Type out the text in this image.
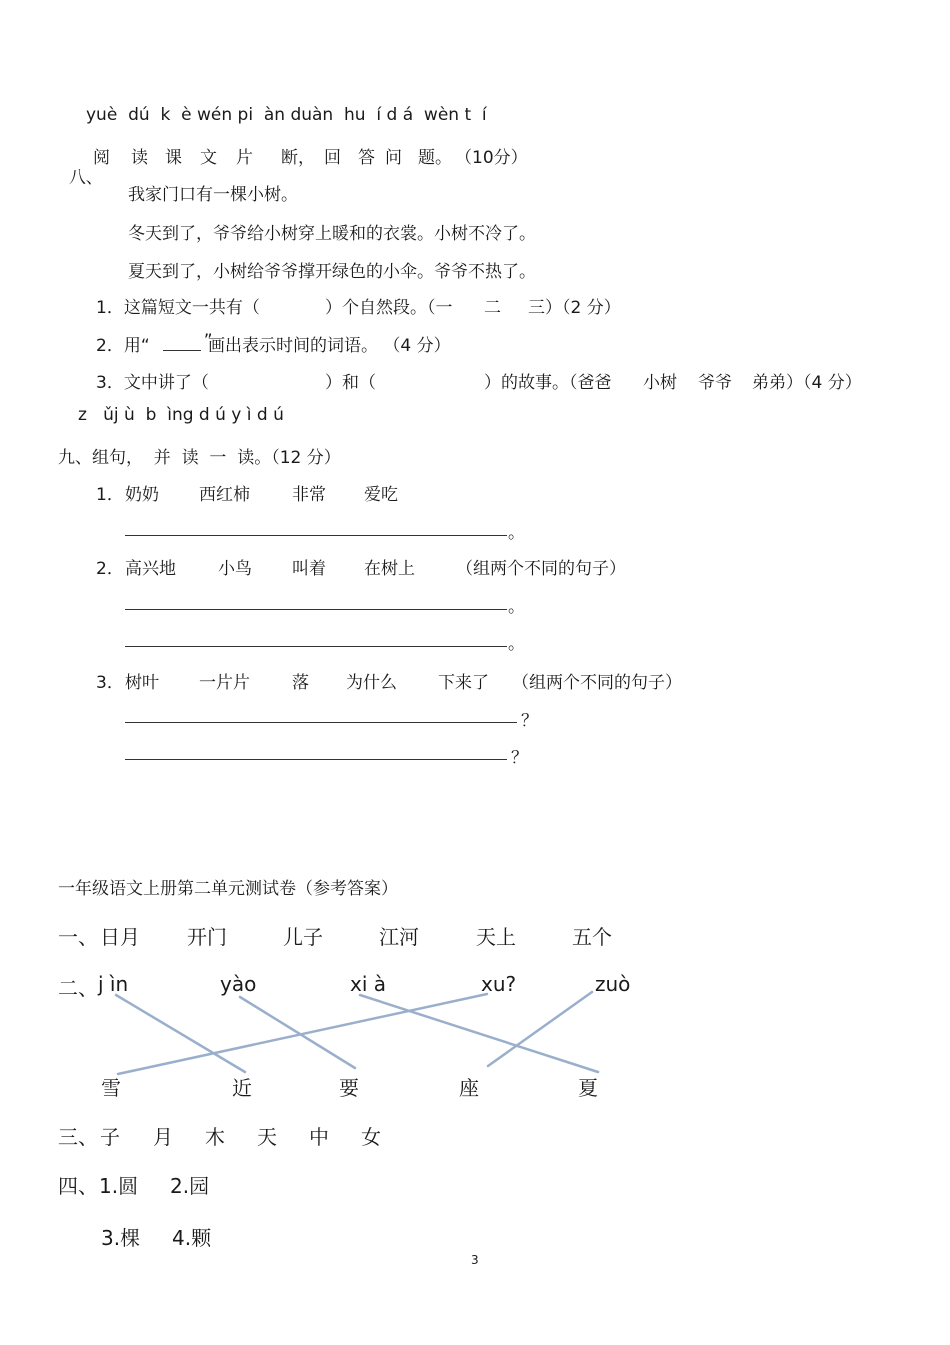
yuè  dú  k  è wén pi  àn duàn  hu  í d á  wèn t  í

八、

阅 读 课 文 片 断， 回 答 问 题。 （10分）
我家门口有一棵小树。
冬天到了，爷爷给小树穿上暖和的衣裳。小树不冷了。
夏天到了，小树给爷爷撑开绿色的小伞。爷爷不热了。
1．这篇短文一共有（	）个自然段。（一 二 三）（2 分）
2．用“	”
画出表示时间的词语。 （4 分）
3．文中讲了（	）和（	）的故事。（爸爸 小树 爷爷 弟弟）（4 分）
z   ǔj ù  b  ìng d ú y ì d ú
九、组句，  并  读  一  读。（12 分）
1． 奶奶 西红柿 非常 爱吃
。
2． 高兴地 小鸟 叫着 在树上 （组两个不同的句子）
。
。
3． 树叶 一片片 落 为什么 下来了 （组两个不同的句子）
？
？
一年级语文上册第二单元测试卷（参考答案）
一、 日月 开门	儿子	江河	天上	五个
二、 j ìn	yào	xi à	xu?	zuò
雪	近	要	座	夏
三、 子 月 木 天 中 女
四、 1.圆 2.园
3.棵 4.颗
3
